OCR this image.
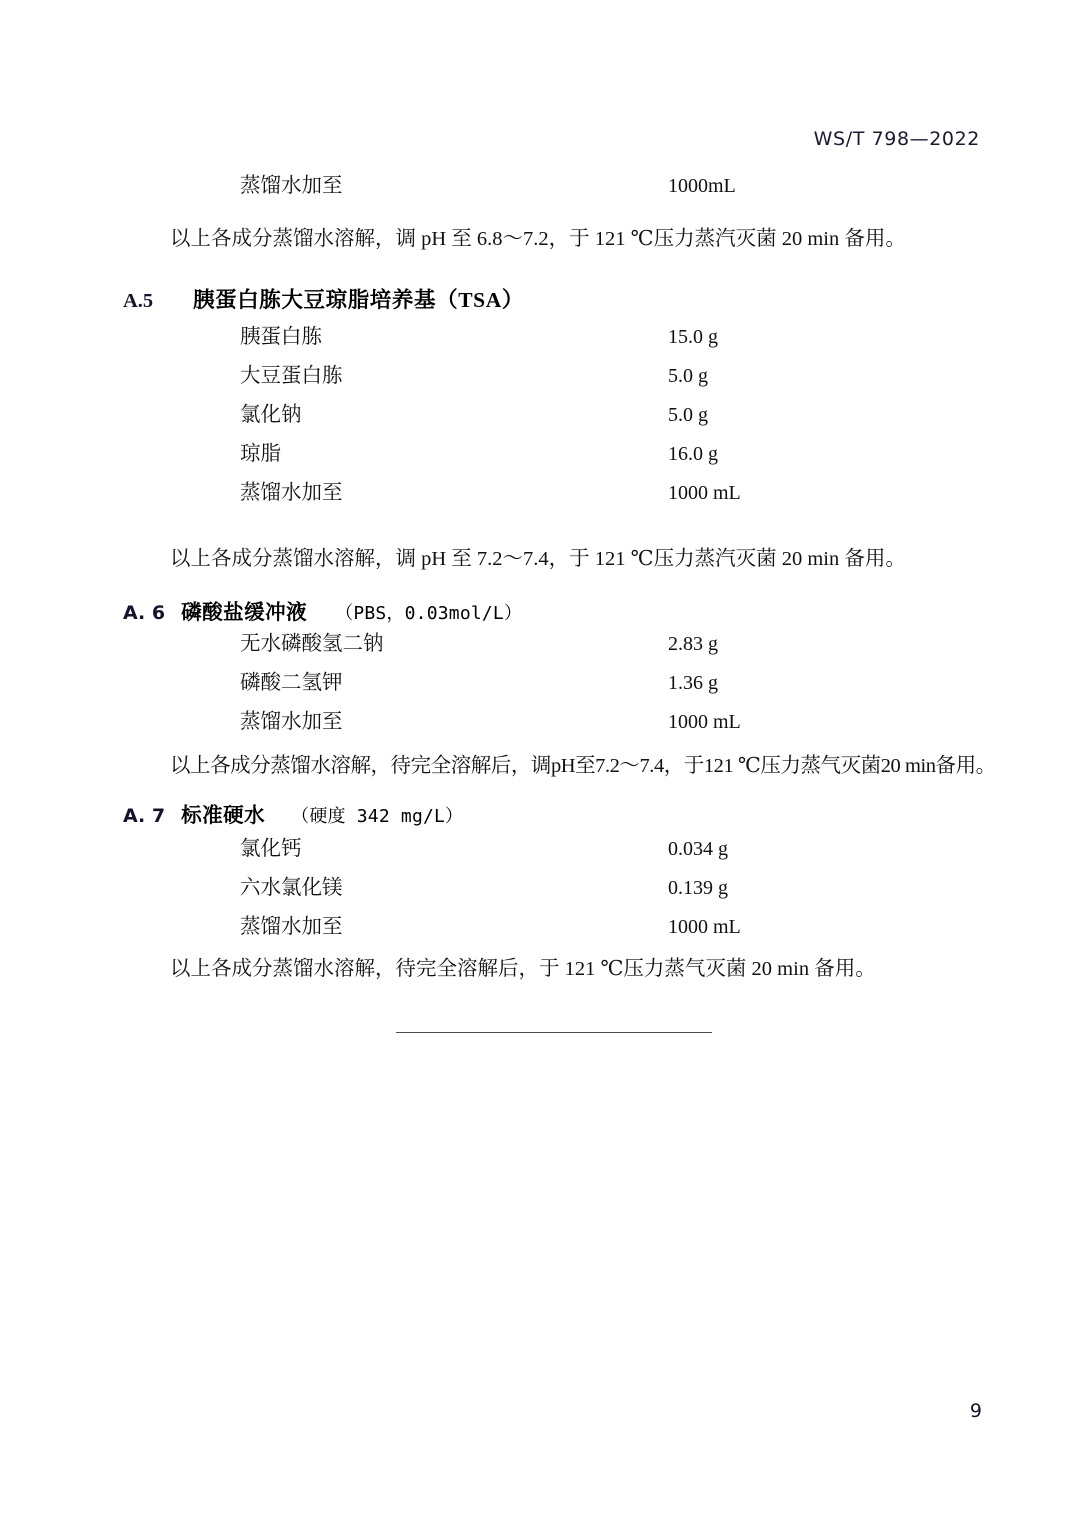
WS/T 798—2022
蒸馏水加至	1000mL
以上各成分蒸馏水溶解，调 pH 至 6.8～7.2，于 121 ℃压力蒸汽灭菌 20 min 备用。
A.5	胰蛋白胨大豆琼脂培养基（TSA）
胰蛋白胨	15.0 g
大豆蛋白胨	5.0 g
氯化钠	5.0 g
琼脂	16.0 g
蒸馏水加至	1000 mL
以上各成分蒸馏水溶解，调 pH 至 7.2～7.4，于 121 ℃压力蒸汽灭菌 20 min 备用。
A. 6 磷酸盐缓冲液 （PBS，0.03mol/L）
无水磷酸氢二钠	2.83 g
磷酸二氢钾	1.36 g
蒸馏水加至	1000 mL
以上各成分蒸馏水溶解，待完全溶解后，调pH至7.2～7.4，于121 ℃压力蒸气灭菌20 min备用。
A. 7 标准硬水 （硬度 342 mg/L）
氯化钙	0.034 g
六水氯化镁	0.139 g
蒸馏水加至	1000 mL
以上各成分蒸馏水溶解，待完全溶解后，于 121 ℃压力蒸气灭菌 20 min 备用。
9
